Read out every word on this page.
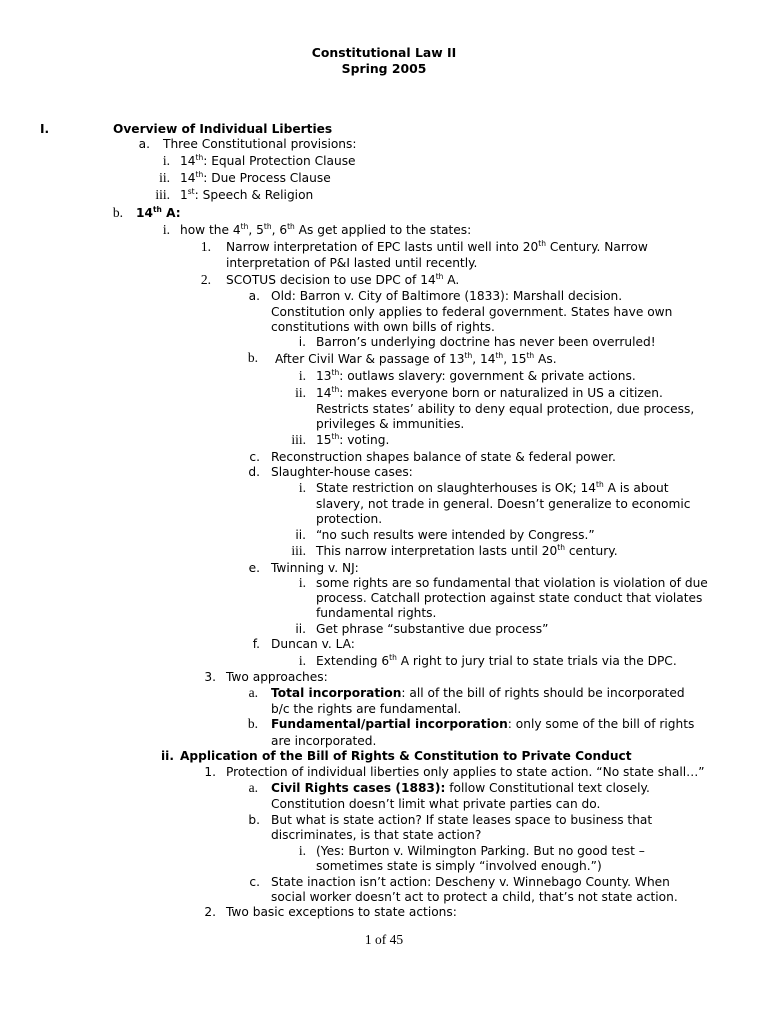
Constitutional Law II
Spring 2005
I.	Overview of Individual Liberties
a. Three Constitutional provisions:
i. 14th: Equal Protection Clause
ii. 14th: Due Process Clause
iii. 1st: Speech & Religion
b. 14th A:
i. how the 4th, 5th, 6th As get applied to the states:
1. Narrow interpretation of EPC lasts until well into 20th Century. Narrow
interpretation of P&I lasted until recently.
2. SCOTUS decision to use DPC of 14th A.
a. Old: Barron v. City of Baltimore (1833): Marshall decision.
Constitution only applies to federal government. States have own
constitutions with own bills of rights.
i. Barron’s underlying doctrine has never been overruled!
b. After Civil War & passage of 13th, 14th, 15th As.
i. 13th: outlaws slavery: government & private actions.
ii. 14th: makes everyone born or naturalized in US a citizen.
Restricts states’ ability to deny equal protection, due process,
privileges & immunities.
iii. 15th: voting.
c. Reconstruction shapes balance of state & federal power.
d. Slaughter-house cases:
i. State restriction on slaughterhouses is OK; 14th A is about
slavery, not trade in general. Doesn’t generalize to economic
protection.
ii. “no such results were intended by Congress.”
iii. This narrow interpretation lasts until 20th century.
e. Twinning v. NJ:
i. some rights are so fundamental that violation is violation of due
process. Catchall protection against state conduct that violates
fundamental rights.
ii. Get phrase “substantive due process”
f. Duncan v. LA:
i. Extending 6th A right to jury trial to state trials via the DPC.
3. Two approaches:
a. Total incorporation: all of the bill of rights should be incorporated
b/c the rights are fundamental.
b. Fundamental/partial incorporation: only some of the bill of rights
are incorporated.
ii. Application of the Bill of Rights & Constitution to Private Conduct
1. Protection of individual liberties only applies to state action. “No state shall…”
a. Civil Rights cases (1883): follow Constitutional text closely.
Constitution doesn’t limit what private parties can do.
b. But what is state action? If state leases space to business that
discriminates, is that state action?
i. (Yes: Burton v. Wilmington Parking. But no good test –
sometimes state is simply “involved enough.”)
c. State inaction isn’t action: Descheny v. Winnebago County. When
social worker doesn’t act to protect a child, that’s not state action.
2. Two basic exceptions to state actions:
1 of 45
